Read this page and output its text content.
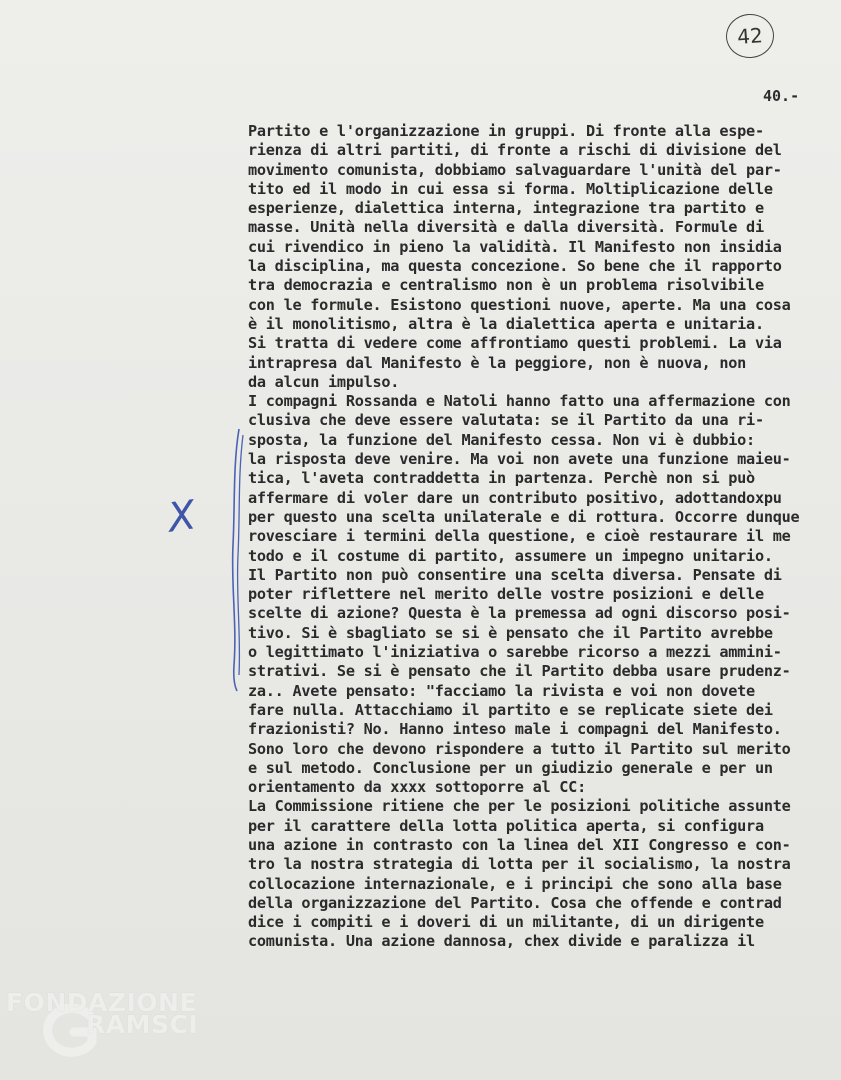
42
40.-
X
Partito e l'organizzazione in gruppi. Di fronte alla espe-
rienza di altri partiti, di fronte a rischi di divisione del
movimento comunista, dobbiamo salvaguardare l'unità del par-
tito ed il modo in cui essa si forma. Moltiplicazione delle
esperienze, dialettica interna, integrazione tra partito e
masse. Unità nella diversità e dalla diversità. Formule di
cui rivendico in pieno la validità. Il Manifesto non insidia
la disciplina, ma questa concezione. So bene che il rapporto
tra democrazia e centralismo non è un problema risolvibile
con le formule. Esistono questioni nuove, aperte. Ma una cosa
è il monolitismo, altra è la dialettica aperta e unitaria.
Si tratta di vedere come affrontiamo questi problemi. La via
intrapresa dal Manifesto è la peggiore, non è nuova, non
da alcun impulso.
I compagni Rossanda e Natoli hanno fatto una affermazione con
clusiva che deve essere valutata: se il Partito da una ri-
sposta, la funzione del Manifesto cessa. Non vi è dubbio:
la risposta deve venire. Ma voi non avete una funzione maieu-
tica, l'aveta contraddetta in partenza. Perchè non si può
affermare di voler dare un contributo positivo, adottandoxpu
per questo una scelta unilaterale e di rottura. Occorre dunque
rovesciare i termini della questione, e cioè restaurare il me
todo e il costume di partito, assumere un impegno unitario.
Il Partito non può consentire una scelta diversa. Pensate di
poter riflettere nel merito delle vostre posizioni e delle
scelte di azione? Questa è la premessa ad ogni discorso posi-
tivo. Si è sbagliato se si è pensato che il Partito avrebbe
o legittimato l'iniziativa o sarebbe ricorso a mezzi ammini-
strativi. Se si è pensato che il Partito debba usare prudenz-
za.. Avete pensato: "facciamo la rivista e voi non dovete
fare nulla. Attacchiamo il partito e se replicate siete dei
frazionisti? No. Hanno inteso male i compagni del Manifesto.
Sono loro che devono rispondere a tutto il Partito sul merito
e sul metodo. Conclusione per un giudizio generale e per un
orientamento da xxxx sottoporre al CC:
La Commissione ritiene che per le posizioni politiche assunte
per il carattere della lotta politica aperta, si configura
una azione in contrasto con la linea del XII Congresso e con-
tro la nostra strategia di lotta per il socialismo, la nostra
collocazione internazionale, e i principi che sono alla base
della organizzazione del Partito. Cosa che offende e contrad
dice i compiti e i doveri di un militante, di un dirigente
comunista. Una azione dannosa, chex divide e paralizza il
FONDAZIONE
RAMSCI
